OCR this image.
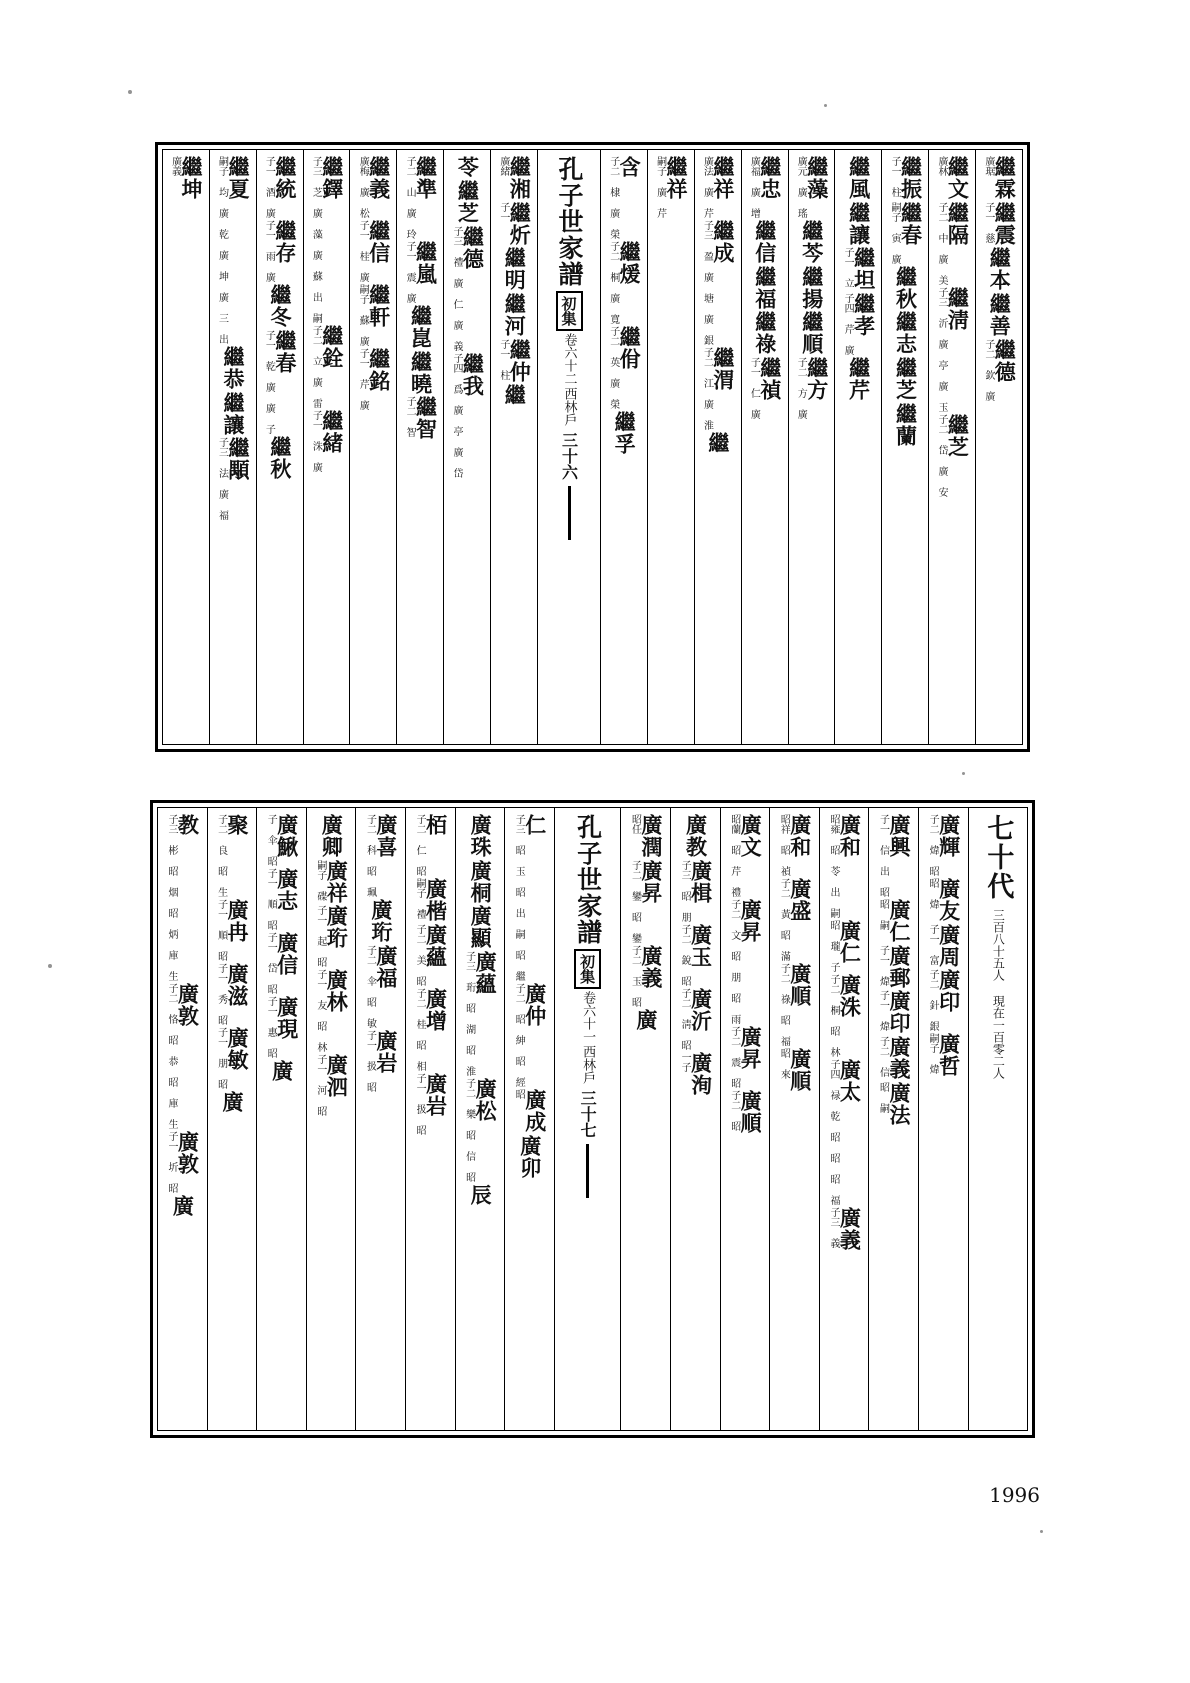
廣琚
繼霖
子一 慈
繼震
繼本
繼善
子二 欽 廣
繼德
廣林
繼文
子二 中 廣 美
繼隔
子三 沂 廣 亭 廣 玉
繼淸
子二 岱 廣 安
繼芝
子一 柱
繼振
嗣子 寅 廣
繼春
繼秋
繼志
繼芝
繼蘭
繼風
繼讓
子一 立
繼坦
子四 芹 廣
繼孝
繼芹
廣元 廣 瑤
繼藻
繼芩
繼揚
繼順
子二 方 廣
繼方
廣福 廣 增
繼忠
繼信
繼福
繼祿
子一 仁 廣
繼禎
廣法 廣 芹
繼祥
子三 盈 廣 塘 廣 銀
繼成
子二 江 廣 淮
繼渭
繼
嗣子 廣 芹
繼祥
子二 棣 廣 榮
含
子二 桐 廣 寬
繼煖
子二 英 廣 榮
繼佾
繼孚
孔子世家譜
初集
卷六十二
西林戶
三十六
廣緒
繼湘
子一
繼炘
繼明
繼河
子一 柱
繼仲
繼
苓
繼芝
子三 禮 廣 仁 廣 義
繼德
子四 爲 廣 亭 廣 岱
繼我
子二 山 廣 玲
繼準
子一 震 廣
繼嵐
繼崑
繼曉
子二 智
繼智
廣梅 廣 松
繼義
子一 桂 廣
繼信
嗣子 蘇 廣
繼軒
子一 芹 廣
繼銘
子三 芝 廣 藻 廣 蘇 出 嗣
繼鐸
子二 立 廣 雷
繼銓
子一 洙 廣
繼緒
子一 酒 廣
繼統
子一 雨 廣
繼存
繼冬
子一 乾 廣 廣 子
繼春
繼秋
嗣子 均 廣 乾 廣 坤 廣 三 出
繼夏
繼恭
繼讓
子三 法 廣 福
繼顒
廣義
繼坤
七十代
三百八十五人 現在一百零二人
子二 煒 昭
廣輝
昭 煒
廣友
子一 富
廣周
子二 針 銀
廣印
嗣子 煒
廣哲
子一 信 出 昭
廣興
昭 嗣
廣仁
子一 煒
廣郵
子一 煒
廣印
子二 信
廣義
昭 嗣
廣法
昭雍 昭 苓 出 嗣
廣和
昭 瓏 子
廣仁
子二 桐 昭 林
廣洙
子四 禄 乾 昭 昭 昭 福
廣太
子三 義
廣義
昭祥 昭 禎
廣和
子二 黃 昭 滿
廣盛
子二 祿 昭 福
廣順
昭 來
廣順
昭蘭 昭 芹 禮
廣文
子二 文 昭 朋 昭 雨
廣昇
子二 震 昭
廣昇
子二 昭
廣順
廣教
子三 昭 朋
廣楫
子二 銳 昭
廣玉
子二 淸 昭
廣沂
一子
廣洵
昭任
廣潤
子二 鑾 昭 鑾
廣昇
子二 玉 昭
廣義
廣
孔子世家譜
初集
卷六十一
西林戶
三十七
子三 昭 玉 昭 出 嗣 昭 繼
仁
子二 昭 紳 昭 經
廣仲
昭
廣成
廣卯
廣珠
廣桐
廣顯
子三 珩 昭 湖 昭 淮
廣蘊
子二 樂 昭 信 昭
廣松
辰
子二 仁 昭
栢
嗣子 禮
廣楷
子二 美 昭
廣蘊
子二 桂 昭 相
廣增
子一 扱 昭
廣岩
子二 科 昭 珮
廣喜
廣珩
子二 伞 昭 敏
廣福
子一 扱 昭
廣岩
廣卿
嗣子 碟
廣祥
子一 起 昭
廣珩
子一 友 昭 林
廣林
子一 河 昭
廣泗
子 伞 昭
廣鰍
子一 順 昭
廣志
子一 岱 昭
廣信
子一 惠 昭
廣現
廣
子二 良 昭 生
聚
子一 順 昭
廣冉
子一 秀 昭
廣滋
子一 朋 昭
廣敏
廣
子三 彬 昭 烟 昭 炳 庫 生
教
子二 恪 昭 恭 昭 庫 生
廣敦
子一 圻 昭
廣敦
廣
1996
